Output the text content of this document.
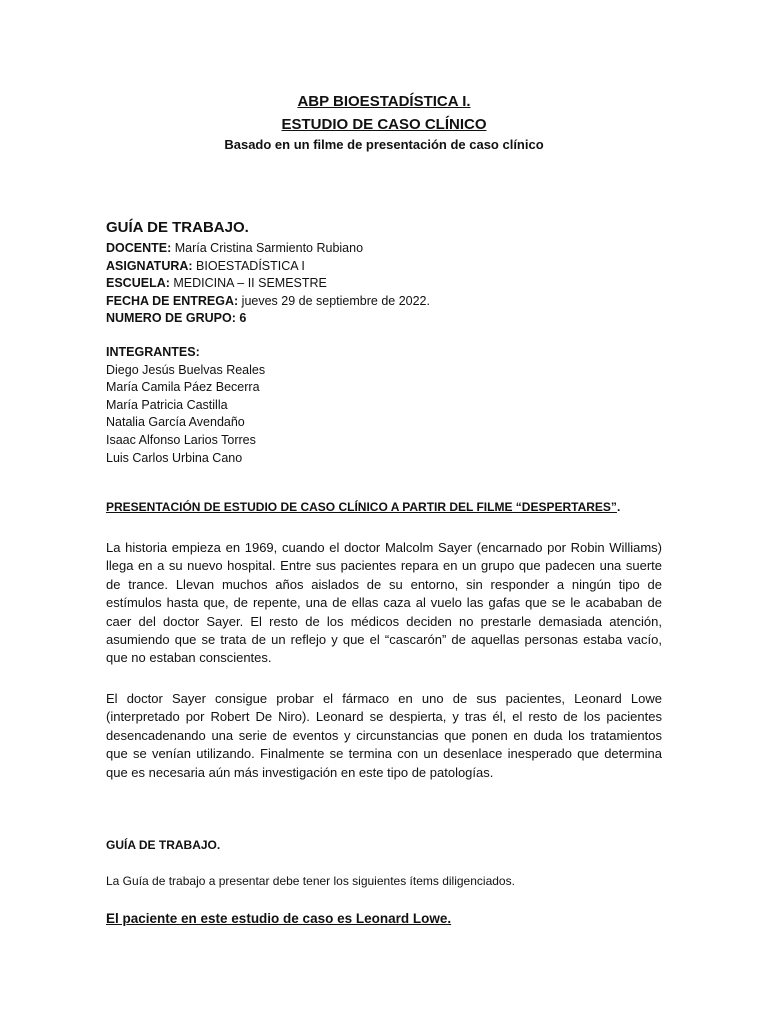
ABP BIOESTADÍSTICA I.
ESTUDIO DE CASO CLÍNICO
Basado en un filme de presentación de caso clínico
GUÍA DE TRABAJO.
DOCENTE: María Cristina Sarmiento Rubiano
ASIGNATURA: BIOESTADÍSTICA I
ESCUELA: MEDICINA – II SEMESTRE
FECHA DE ENTREGA: jueves 29 de septiembre de 2022.
NUMERO DE GRUPO: 6
INTEGRANTES:
Diego Jesús Buelvas Reales
María Camila Páez Becerra
María Patricia Castilla
Natalia García Avendaño
Isaac Alfonso Larios Torres
Luis Carlos Urbina Cano
PRESENTACIÓN DE ESTUDIO DE CASO CLÍNICO A PARTIR DEL FILME “DESPERTARES”.
La historia empieza en 1969, cuando el doctor Malcolm Sayer (encarnado por Robin Williams) llega en a su nuevo hospital. Entre sus pacientes repara en un grupo que padecen una suerte de trance. Llevan muchos años aislados de su entorno, sin responder a ningún tipo de estímulos hasta que, de repente, una de ellas caza al vuelo las gafas que se le acababan de caer del doctor Sayer. El resto de los médicos deciden no prestarle demasiada atención, asumiendo que se trata de un reflejo y que el “cascarón” de aquellas personas estaba vacío, que no estaban conscientes.
El doctor Sayer consigue probar el fármaco en uno de sus pacientes, Leonard Lowe (interpretado por Robert De Niro). Leonard se despierta, y tras él, el resto de los pacientes desencadenando una serie de eventos y circunstancias que ponen en duda los tratamientos que se venían utilizando. Finalmente se termina con un desenlace inesperado que determina que es necesaria aún más investigación en este tipo de patologías.
GUÍA DE TRABAJO.
La Guía de trabajo a presentar debe tener los siguientes ítems diligenciados.
El paciente en este estudio de caso es Leonard Lowe.
